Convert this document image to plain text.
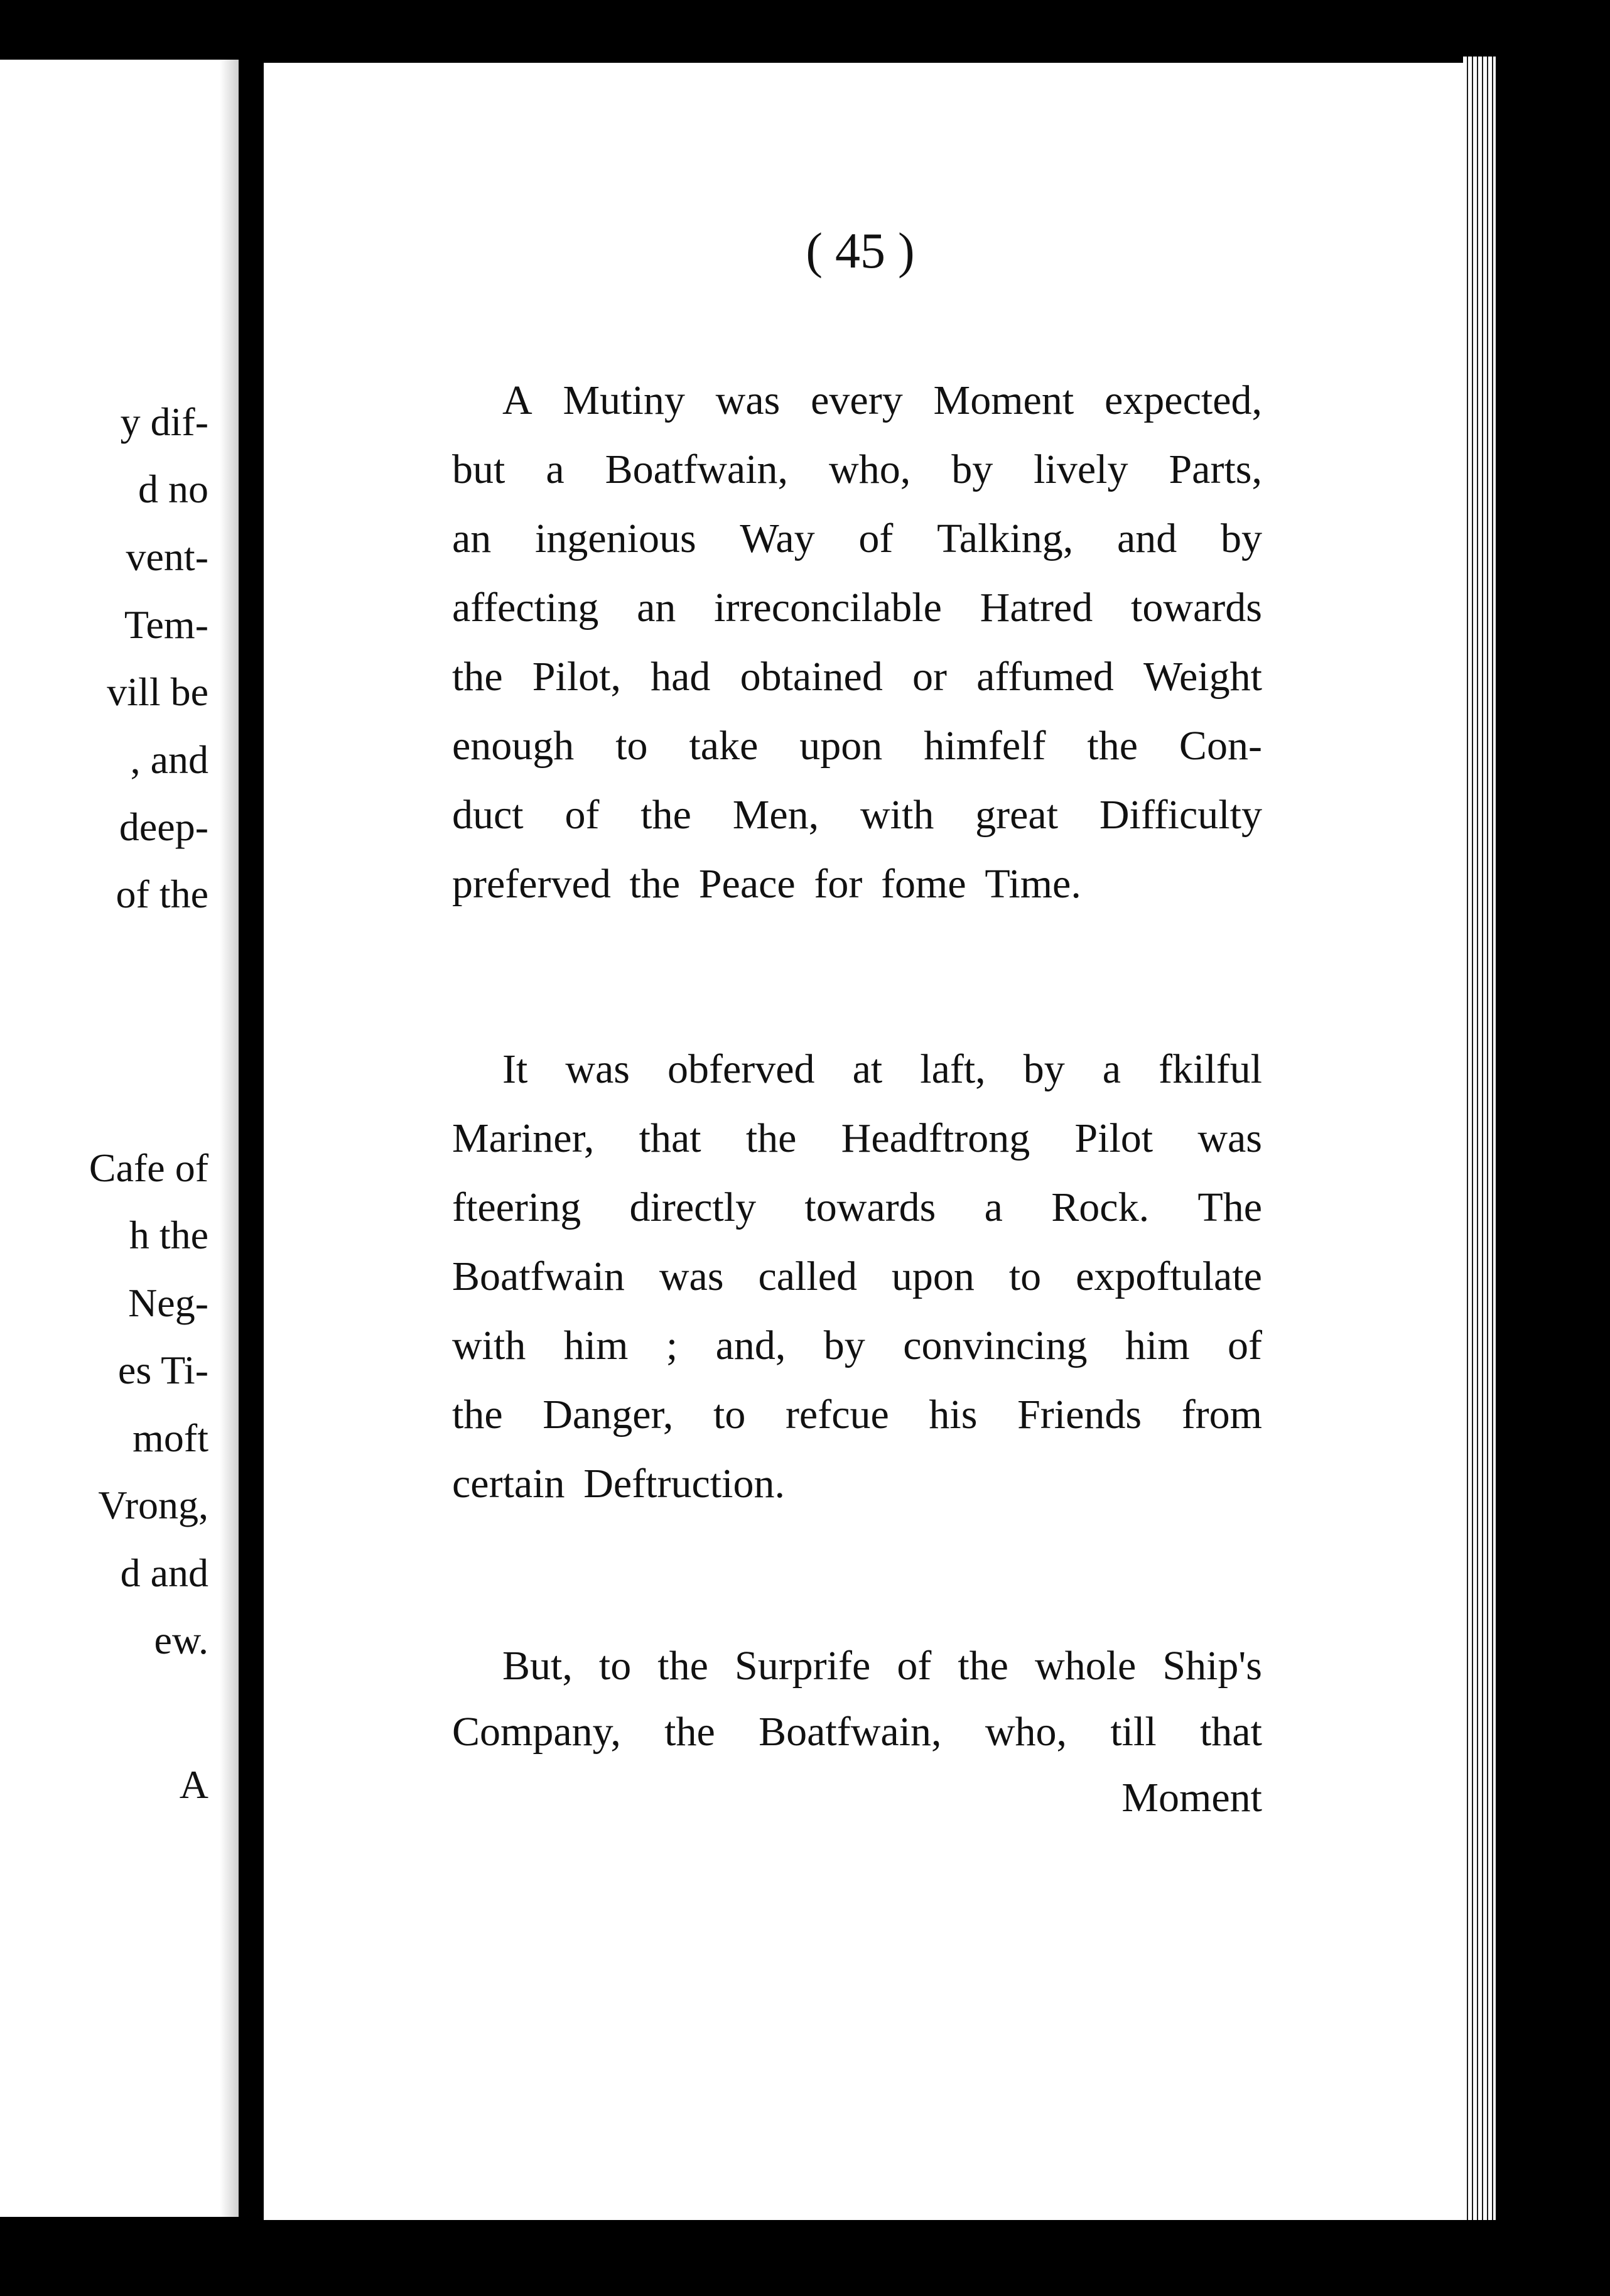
y dif-
d no
vent-
Tem-
vill be
, and
deep-
of the
Cafe of
h the
Neg-
es Ti-
moft
Vrong,
d and
ew.
A
( 45 )
A Mutiny was every Moment expected,
but a Boatfwain, who, by lively Parts,
an ingenious Way of Talking, and by
affecting an irreconcilable Hatred towards
the Pilot, had obtained or affumed Weight
enough to take upon himfelf the Con-
duct of the Men, with great Difficulty
preferved the Peace for fome Time.
It was obferved at laft, by a fkilful
Mariner, that the Headftrong Pilot was
fteering directly towards a Rock. The
Boatfwain was called upon to expoftulate
with him ; and, by convincing him of
the Danger, to refcue his Friends from
certain Deftruction.
But, to the Surprife of the whole Ship's
Company, the Boatfwain, who, till that
Moment
